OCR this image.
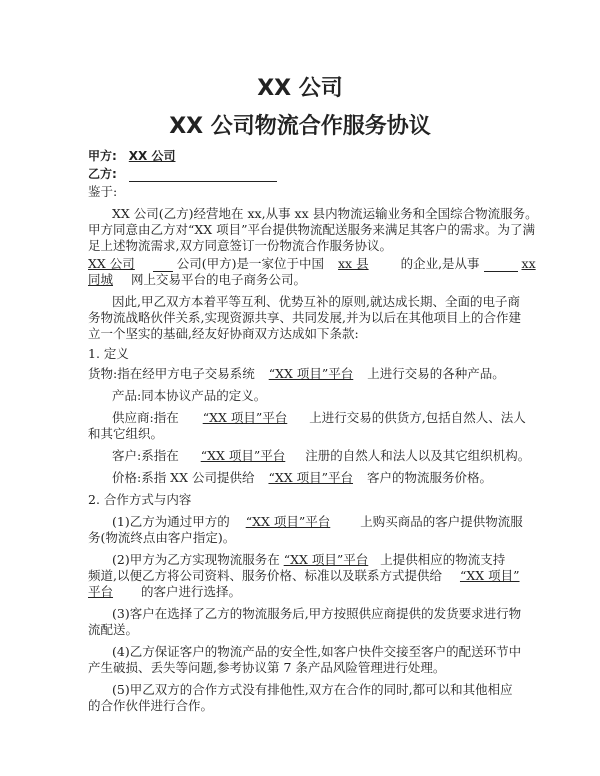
XX 公司
XX 公司物流合作服务协议
甲方: XX 公司
乙方:
鉴于:
XX 公司(乙方)经营地在 xx,从事 xx 县内物流运输业务和全国综合物流服务。
甲方同意由乙方对“XX 项目”平台提供物流配送服务来满足其客户的需求。为了满
足上述物流需求,双方同意签订一份物流合作服务协议。
XX 公司	公司(甲方)是一家位于中国 xx 县	的企业,是从事	xx
同城 网上交易平台的电子商务公司。
因此,甲乙双方本着平等互利、优势互补的原则,就达成长期、全面的电子商
务物流战略伙伴关系,实现资源共享、共同发展,并为以后在其他项目上的合作建
立一个坚实的基础,经友好协商双方达成如下条款:
1. 定义
货物:指在经甲方电子交易系统 “XX 项目”平台 上进行交易的各种产品。
产品:同本协议产品的定义。
供应商:指在 “XX 项目”平台 上进行交易的供货方,包括自然人、法人
和其它组织。
客户:系指在 “XX 项目”平台 注册的自然人和法人以及其它组织机构。
价格:系指 XX 公司提供给 “XX 项目”平台 客户的物流服务价格。
2. 合作方式与内容
(1)乙方为通过甲方的 “XX 项目”平台 上购买商品的客户提供物流服
务(物流终点由客户指定)。
(2)甲方为乙方实现物流服务在 “XX 项目”平台 上提供相应的物流支持
频道,以便乙方将公司资料、服务价格、标准以及联系方式提供给 “XX 项目”
平台 的客户进行选择。
(3)客户在选择了乙方的物流服务后,甲方按照供应商提供的发货要求进行物
流配送。
(4)乙方保证客户的物流产品的安全性,如客户快件交接至客户的配送环节中
产生破损、丢失等问题,参考协议第 7 条产品风险管理进行处理。
(5)甲乙双方的合作方式没有排他性,双方在合作的同时,都可以和其他相应
的合作伙伴进行合作。
